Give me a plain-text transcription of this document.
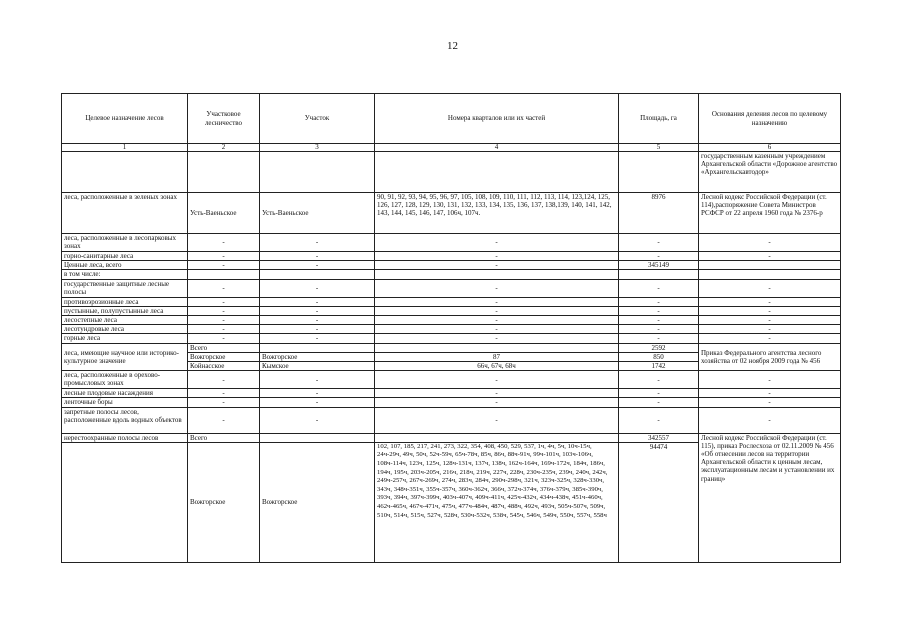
12
Целевое назначение лесов	Участковое лесничество	Участок	Номера кварталов или их частей	Площадь, га	Основания деления лесов по целевому назначению
1	2	3	4	5	6
					государственным казенным учреждением Архангельской области «Дорожное агентство «Архангельскавтодор»
леса, расположенные в зеленых зонах	Усть-Ваеньское	Усть-Ваеньское	90, 91, 92, 93, 94, 95, 96, 97, 105, 108, 109, 110, 111, 112, 113, 114, 123,124, 125, 126, 127, 128, 129, 130, 131, 132, 133, 134, 135, 136, 137, 138,139, 140, 141, 142, 143, 144, 145, 146, 147, 106ч, 107ч.	8976	Лесной кодекс Российской Федерации (ст. 114),распоряжение Совета Министров РСФСР от 22 апреля 1960 года № 2376-р
леса, расположенные в лесопарковых зонах	-	-	-	-	-
горно-санитарные леса	-	-	-	-	-
Ценные леса, всего	-	-	-	345149	
в том числе:					
государственные защитные лесные полосы	-	-	-	-	-
противоэрозионные леса	-	-	-	-	-
пустынные, полупустынные леса	-	-	-	-	-
лесостепные леса	-	-	-	-	-
лесотундровые леса	-	-	-	-	-
горные леса	-	-	-	-	-
леса, имеющие научное или историко-культурное значение	Всего			2592	Приказ Федерального агентства лесного хозяйства от 02 ноября 2009 года № 456
	Вожгорское	Вожгорское	87	850	
	Койнасское	Кымское	66ч, 67ч, 68ч	1742	
леса, расположенные в орехово-промысловых зонах	-	-	-	-	-
лесные плодовые насаждения	-	-	-	-	-
ленточные боры	-	-	-	-	-
запретные полосы лесов, расположенные вдоль водных объектов	-	-	-	-	-
нерестоохранные полосы лесов	Всего			342557	Лесной кодекс Российской Федерации (ст. 115), приказ Рослесхоза от 02.11.2009 № 456 «Об отнесении лесов на территории Архангельской области к ценным лесам, эксплуатационным лесам и установлении их границ»
	Вожгорское	Вожгорское	102, 107, 185, 217, 241, 273, 322, 354, 408, 450, 529, 537, 1ч, 4ч, 5ч, 10ч-15ч, 24ч-29ч, 49ч, 50ч, 52ч-59ч, 65ч-78ч, 85ч, 86ч, 88ч-91ч, 99ч-101ч, 103ч-106ч, 108ч-114ч, 123ч, 125ч, 128ч-131ч, 137ч, 138ч, 162ч-164ч, 169ч-172ч, 184ч, 186ч, 194ч, 195ч, 203ч-205ч, 216ч, 218ч, 219ч, 227ч, 228ч, 230ч-235ч, 239ч, 240ч, 242ч, 249ч-257ч, 267ч-269ч, 274ч, 283ч, 284ч, 290ч-298ч, 321ч, 323ч-325ч, 328ч-330ч, 343ч, 348ч-351ч, 355ч-357ч, 360ч-362ч, 366ч, 372ч-374ч, 376ч-379ч, 385ч-390ч, 393ч, 394ч, 397ч-399ч, 403ч-407ч, 409ч-411ч, 425ч-432ч, 434ч-438ч, 451ч-460ч, 462ч-465ч, 467ч-471ч, 475ч, 477ч-484ч, 487ч, 488ч, 492ч, 493ч, 505ч-507ч, 509ч, 510ч, 514ч, 515ч, 527ч, 528ч, 530ч-532ч, 538ч, 545ч, 546ч, 549ч, 550ч, 557ч, 558ч	94474	
